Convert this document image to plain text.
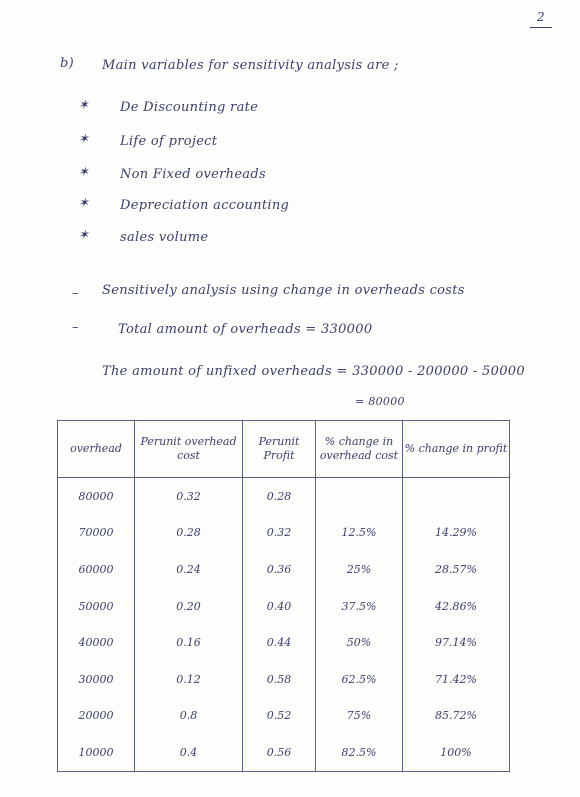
2
b) Main variables for sensitivity analysis are ;
✶ De Discounting rate
✶ Life of project
✶ Non Fixed overheads
✶ Depreciation accounting
✶ sales volume
– Sensitively analysis using change in overheads costs
–	Total amount of overheads = 330000
The amount of unfixed overheads = 330000 - 200000 - 50000
= 80000
overhead	Perunit overhead cost	Perunit Profit	% change in overhead cost	% change in profit
80000	0.32	0.28		
70000	0.28	0.32	12.5%	14.29%
60000	0.24	0.36	25%	28.57%
50000	0.20	0.40	37.5%	42.86%
40000	0.16	0.44	50%	97.14%
30000	0.12	0.58	62.5%	71.42%
20000	0.8	0.52	75%	85.72%
10000	0.4	0.56	82.5%	100%
